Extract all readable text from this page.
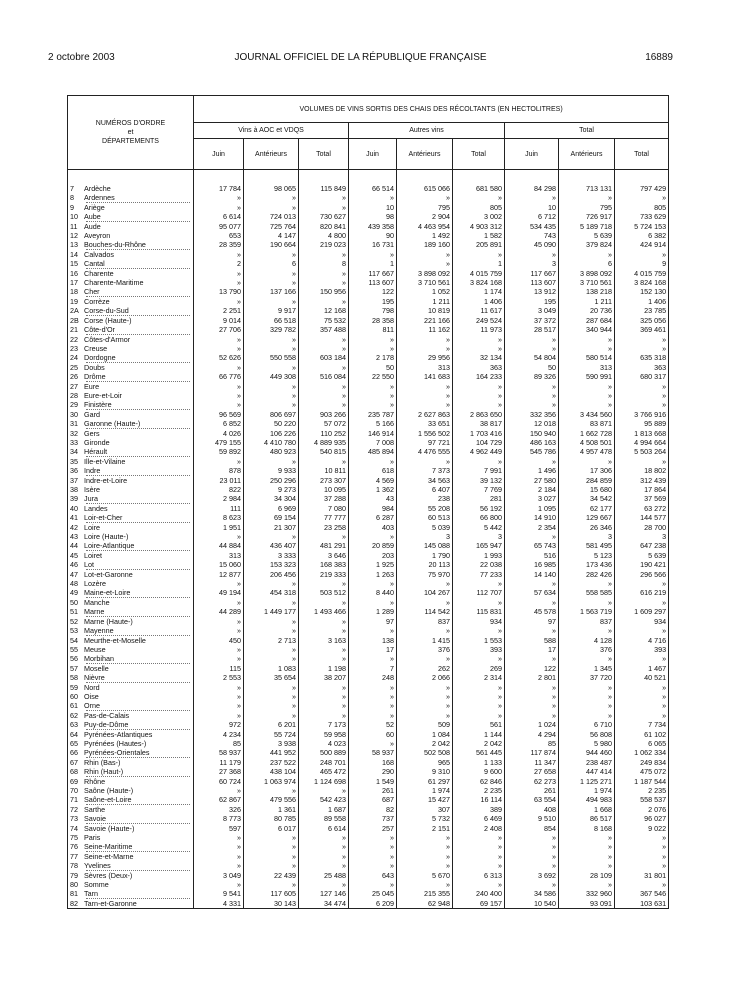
2 octobre 2003	JOURNAL OFFICIEL DE LA RÉPUBLIQUE FRANÇAISE	16889
NUMÉROS D'ORDRE
et
DÉPARTEMENTS	VOLUMES DE VINS SORTIS DES CHAIS DES RÉCOLTANTS (EN HECTOLITRES)								
	Vins à AOC et VDQS			Autres vins			Total		
	Juin	Antérieurs	Total	Juin	Antérieurs	Total	Juin	Antérieurs	Total

7 Ardèche	17 784	98 065	115 849	66 514	615 066	681 580	84 298	713 131	797 429

8 Ardennes	»	»	»	»	»	»	»	»	»

9 Ariège	»	»	»	10	795	805	10	795	805

10 Aube	6 614	724 013	730 627	98	2 904	3 002	6 712	726 917	733 629

11 Aude	95 077	725 764	820 841	439 358	4 463 954	4 903 312	534 435	5 189 718	5 724 153

12 Aveyron	653	4 147	4 800	90	1 492	1 582	743	5 639	6 382

13 Bouches-du-Rhône	28 359	190 664	219 023	16 731	189 160	205 891	45 090	379 824	424 914

14 Calvados	»	»	»	»	»	»	»	»	»

15 Cantal	2	6	8	1	»	1	3	6	9

16 Charente	»	»	»	117 667	3 898 092	4 015 759	117 667	3 898 092	4 015 759

17 Charente-Maritime	»	»	»	113 607	3 710 561	3 824 168	113 607	3 710 561	3 824 168

18 Cher	13 790	137 166	150 956	122	1 052	1 174	13 912	138 218	152 130

19 Corrèze	»	»	»	195	1 211	1 406	195	1 211	1 406

2A Corse-du-Sud	2 251	9 917	12 168	798	10 819	11 617	3 049	20 736	23 785

2B Corse (Haute-)	9 014	66 518	75 532	28 358	221 166	249 524	37 372	287 684	325 056

21 Côte-d'Or	27 706	329 782	357 488	811	11 162	11 973	28 517	340 944	369 461

22 Côtes-d'Armor	»	»	»	»	»	»	»	»	»

23 Creuse	»	»	»	»	»	»	»	»	»

24 Dordogne	52 626	550 558	603 184	2 178	29 956	32 134	54 804	580 514	635 318

25 Doubs	»	»	»	50	313	363	50	313	363

26 Drôme	66 776	449 308	516 084	22 550	141 683	164 233	89 326	590 991	680 317

27 Eure	»	»	»	»	»	»	»	»	»

28 Eure-et-Loir	»	»	»	»	»	»	»	»	»

29 Finistère	»	»	»	»	»	»	»	»	»

30 Gard	96 569	806 697	903 266	235 787	2 627 863	2 863 650	332 356	3 434 560	3 766 916

31 Garonne (Haute-)	6 852	50 220	57 072	5 166	33 651	38 817	12 018	83 871	95 889

32 Gers	4 026	106 226	110 252	146 914	1 556 502	1 703 416	150 940	1 662 728	1 813 668

33 Gironde	479 155	4 410 780	4 889 935	7 008	97 721	104 729	486 163	4 508 501	4 994 664

34 Hérault	59 892	480 923	540 815	485 894	4 476 555	4 962 449	545 786	4 957 478	5 503 264

35 Ille-et-Vilaine	»	»	»	»	»	»	»	»	»

36 Indre	878	9 933	10 811	618	7 373	7 991	1 496	17 306	18 802

37 Indre-et-Loire	23 011	250 296	273 307	4 569	34 563	39 132	27 580	284 859	312 439

38 Isère	822	9 273	10 095	1 362	6 407	7 769	2 184	15 680	17 864

39 Jura	2 984	34 304	37 288	43	238	281	3 027	34 542	37 569

40 Landes	111	6 969	7 080	984	55 208	56 192	1 095	62 177	63 272

41 Loir-et-Cher	8 623	69 154	77 777	6 287	60 513	66 800	14 910	129 667	144 577

42 Loire	1 951	21 307	23 258	403	5 039	5 442	2 354	26 346	28 700

43 Loire (Haute-)	»	»	»	»	3	3	»	3	3

44 Loire-Atlantique	44 884	436 407	481 291	20 859	145 088	165 947	65 743	581 495	647 238

45 Loiret	313	3 333	3 646	203	1 790	1 993	516	5 123	5 639

46 Lot	15 060	153 323	168 383	1 925	20 113	22 038	16 985	173 436	190 421

47 Lot-et-Garonne	12 877	206 456	219 333	1 263	75 970	77 233	14 140	282 426	296 566

48 Lozère	»	»	»	»	»	»	»	»	»

49 Maine-et-Loire	49 194	454 318	503 512	8 440	104 267	112 707	57 634	558 585	616 219

50 Manche	»	»	»	»	»	»	»	»	»

51 Marne	44 289	1 449 177	1 493 466	1 289	114 542	115 831	45 578	1 563 719	1 609 297

52 Marne (Haute-)	»	»	»	97	837	934	97	837	934

53 Mayenne	»	»	»	»	»	»	»	»	»

54 Meurthe-et-Moselle	450	2 713	3 163	138	1 415	1 553	588	4 128	4 716

55 Meuse	»	»	»	17	376	393	17	376	393

56 Morbihan	»	»	»	»	»	»	»	»	»

57 Moselle	115	1 083	1 198	7	262	269	122	1 345	1 467

58 Nièvre	2 553	35 654	38 207	248	2 066	2 314	2 801	37 720	40 521

59 Nord	»	»	»	»	»	»	»	»	»

60 Oise	»	»	»	»	»	»	»	»	»

61 Orne	»	»	»	»	»	»	»	»	»

62 Pas-de-Calais	»	»	»	»	»	»	»	»	»

63 Puy-de-Dôme	972	6 201	7 173	52	509	561	1 024	6 710	7 734

64 Pyrénées-Atlantiques	4 234	55 724	59 958	60	1 084	1 144	4 294	56 808	61 102

65 Pyrénées (Hautes-)	85	3 938	4 023	»	2 042	2 042	85	5 980	6 065

66 Pyrénées-Orientales	58 937	441 952	500 889	58 937	502 508	561 445	117 874	944 460	1 062 334

67 Rhin (Bas-)	11 179	237 522	248 701	168	965	1 133	11 347	238 487	249 834

68 Rhin (Haut-)	27 368	438 104	465 472	290	9 310	9 600	27 658	447 414	475 072

69 Rhône	60 724	1 063 974	1 124 698	1 549	61 297	62 846	62 273	1 125 271	1 187 544

70 Saône (Haute-)	»	»	»	261	1 974	2 235	261	1 974	2 235

71 Saône-et-Loire	62 867	479 556	542 423	687	15 427	16 114	63 554	494 983	558 537

72 Sarthe	326	1 361	1 687	82	307	389	408	1 668	2 076

73 Savoie	8 773	80 785	89 558	737	5 732	6 469	9 510	86 517	96 027

74 Savoie (Haute-)	597	6 017	6 614	257	2 151	2 408	854	8 168	9 022

75 Paris	»	»	»	»	»	»	»	»	»

76 Seine-Maritime	»	»	»	»	»	»	»	»	»

77 Seine-et-Marne	»	»	»	»	»	»	»	»	»

78 Yvelines	»	»	»	»	»	»	»	»	»

79 Sèvres (Deux-)	3 049	22 439	25 488	643	5 670	6 313	3 692	28 109	31 801

80 Somme	»	»	»	»	»	»	»	»	»

81 Tarn	9 541	117 605	127 146	25 045	215 355	240 400	34 586	332 960	367 546

82 Tarn-et-Garonne	4 331	30 143	34 474	6 209	62 948	69 157	10 540	93 091	103 631
